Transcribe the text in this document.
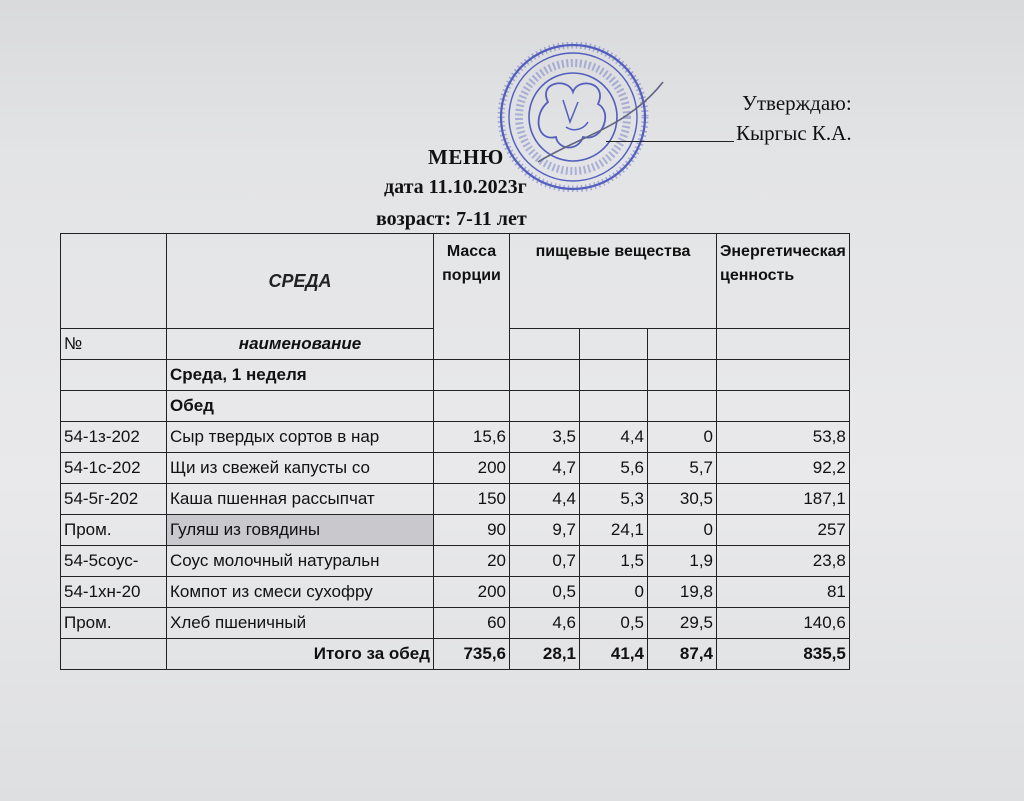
Утверждаю:
Кыргыс К.А.
МЕНЮ
дата 11.10.2023г
возраст: 7-11 лет
	СРЕДА	Масса порции	пищевые вещества			Энергетическая ценность

№	наименование					
	Среда, 1 неделя					
	Обед					
54-1з-202	Сыр твердых сортов в нар	15,6	3,5	4,4	0	53,8
54-1с-202	Щи из свежей капусты со	200	4,7	5,6	5,7	92,2
54-5г-202	Каша пшенная рассыпчат	150	4,4	5,3	30,5	187,1
Пром.	Гуляш из говядины	90	9,7	24,1	0	257
54-5соус-	Соус молочный натуральн	20	0,7	1,5	1,9	23,8
54-1хн-20	Компот из смеси сухофру	200	0,5	0	19,8	81
Пром.	Хлеб пшеничный	60	4,6	0,5	29,5	140,6
	Итого за обед	735,6	28,1	41,4	87,4	835,5
